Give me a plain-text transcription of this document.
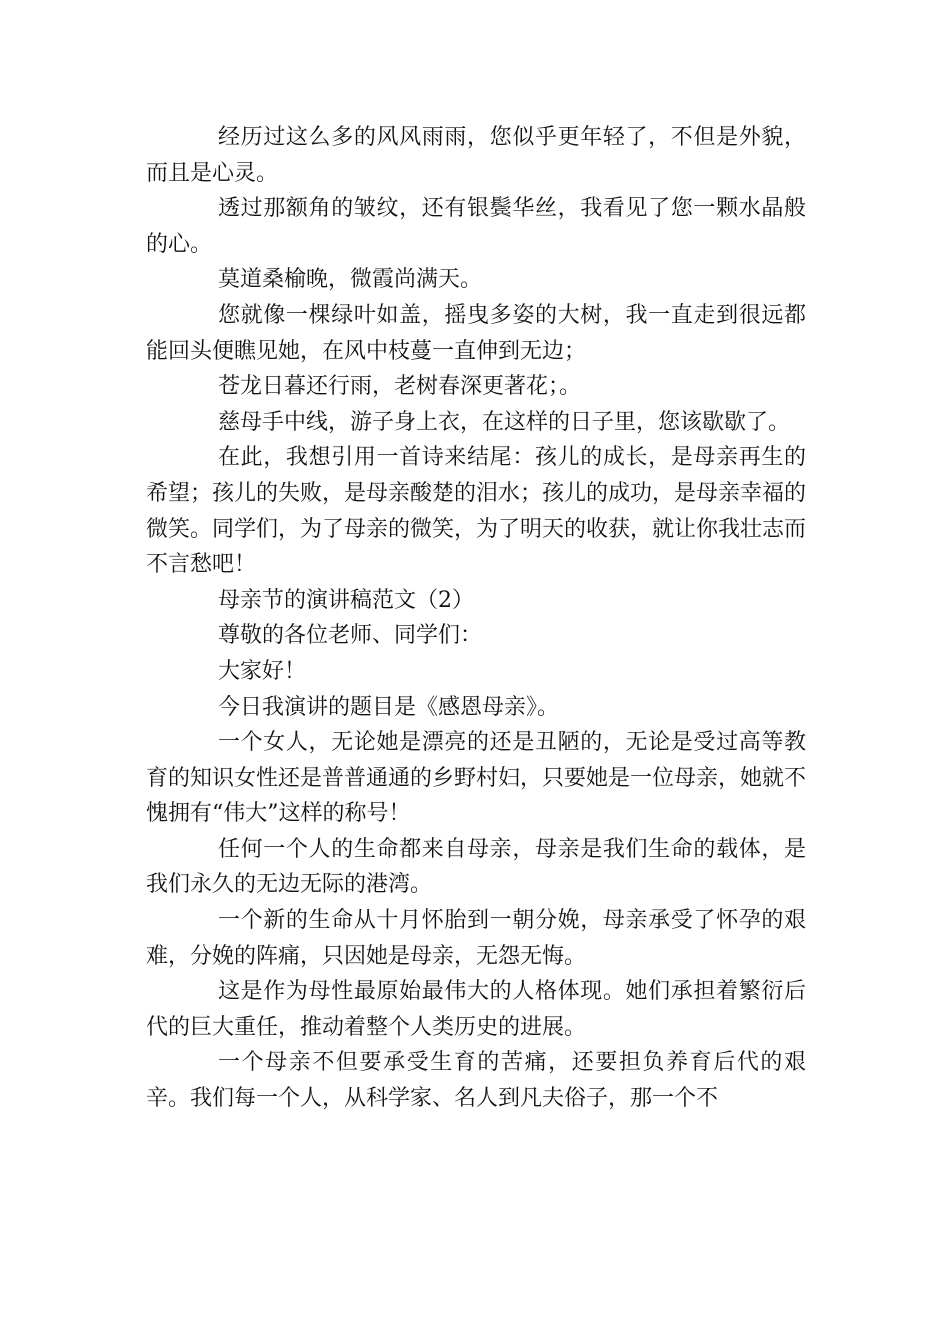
经历过这么多的风风雨雨，您似乎更年轻了，不但是外貌，而且是心灵。

透过那额角的皱纹，还有银鬓华丝，我看见了您一颗水晶般的心。

莫道桑榆晚，微霞尚满天。

您就像一棵绿叶如盖，摇曳多姿的大树，我一直走到很远都能回头便瞧见她，在风中枝蔓一直伸到无边；

苍龙日暮还行雨，老树春深更著花；。

慈母手中线，游子身上衣，在这样的日子里，您该歇歇了。

在此，我想引用一首诗来结尾：孩儿的成长，是母亲再生的希望；孩儿的失败，是母亲酸楚的泪水；孩儿的成功，是母亲幸福的微笑。同学们，为了母亲的微笑，为了明天的收获，就让你我壮志而不言愁吧！

母亲节的演讲稿范文（2）

尊敬的各位老师、同学们：

大家好！

今日我演讲的题目是《感恩母亲》。

一个女人，无论她是漂亮的还是丑陋的，无论是受过高等教育的知识女性还是普普通通的乡野村妇，只要她是一位母亲，她就不愧拥有“伟大”这样的称号！

任何一个人的生命都来自母亲，母亲是我们生命的载体，是我们永久的无边无际的港湾。

一个新的生命从十月怀胎到一朝分娩，母亲承受了怀孕的艰难，分娩的阵痛，只因她是母亲，无怨无悔。

这是作为母性最原始最伟大的人格体现。她们承担着繁衍后代的巨大重任，推动着整个人类历史的进展。

一个母亲不但要承受生育的苦痛，还要担负养育后代的艰辛。我们每一个人，从科学家、名人到凡夫俗子，那一个不
